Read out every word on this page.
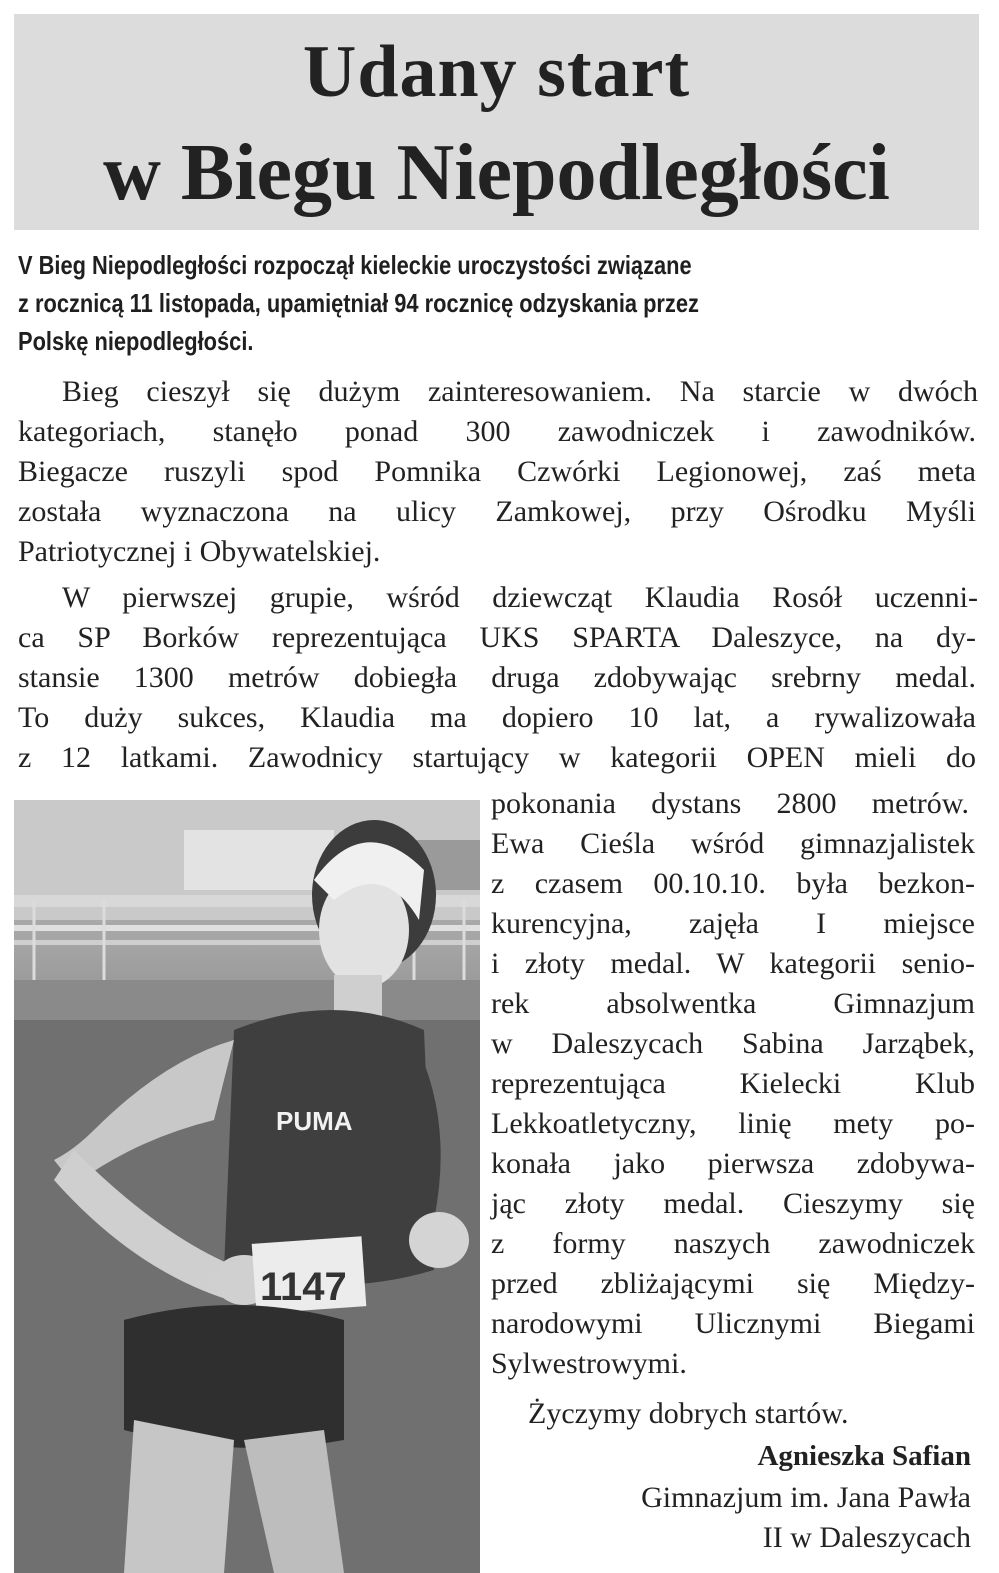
Udany start
w Biegu Niepodległości
V Bieg Niepodległości rozpoczął kieleckie uroczystości związane
z rocznicą 11 listopada, upamiętniał 94 rocznicę odzyskania przez
Polskę niepodległości.
Bieg cieszył się dużym zainteresowaniem. Na starcie w dwóch
kategoriach, stanęło ponad 300 zawodniczek i zawodników.
Biegacze ruszyli spod Pomnika Czwórki Legionowej, zaś meta
została wyznaczona na ulicy Zamkowej, przy Ośrodku Myśli
Patriotycznej i Obywatelskiej.
W pierwszej grupie, wśród dziewcząt Klaudia Rosół uczenni-
ca SP Borków reprezentująca UKS SPARTA Daleszyce, na dy-
stansie 1300 metrów dobiegła druga zdobywając srebrny medal.
To duży sukces, Klaudia ma dopiero 10 lat, a rywalizowała
z 12 latkami. Zawodnicy startujący w kategorii OPEN mieli do
PUMA
1147
pokonania dystans 2800 metrów.
Ewa Cieśla wśród gimnazjalistek
z czasem 00.10.10. była bezkon-
kurencyjna, zajęła I miejsce
i złoty medal. W kategorii senio-
rek absolwentka Gimnazjum
w Daleszycach Sabina Jarząbek,
reprezentująca Kielecki Klub
Lekkoatletyczny, linię mety po-
konała jako pierwsza zdobywa-
jąc złoty medal. Cieszymy się
z formy naszych zawodniczek
przed zbliżającymi się Między-
narodowymi Ulicznymi Biegami
Sylwestrowymi.
Życzymy dobrych startów.
Agnieszka Safian
Gimnazjum im. Jana Pawła
II w Daleszycach
